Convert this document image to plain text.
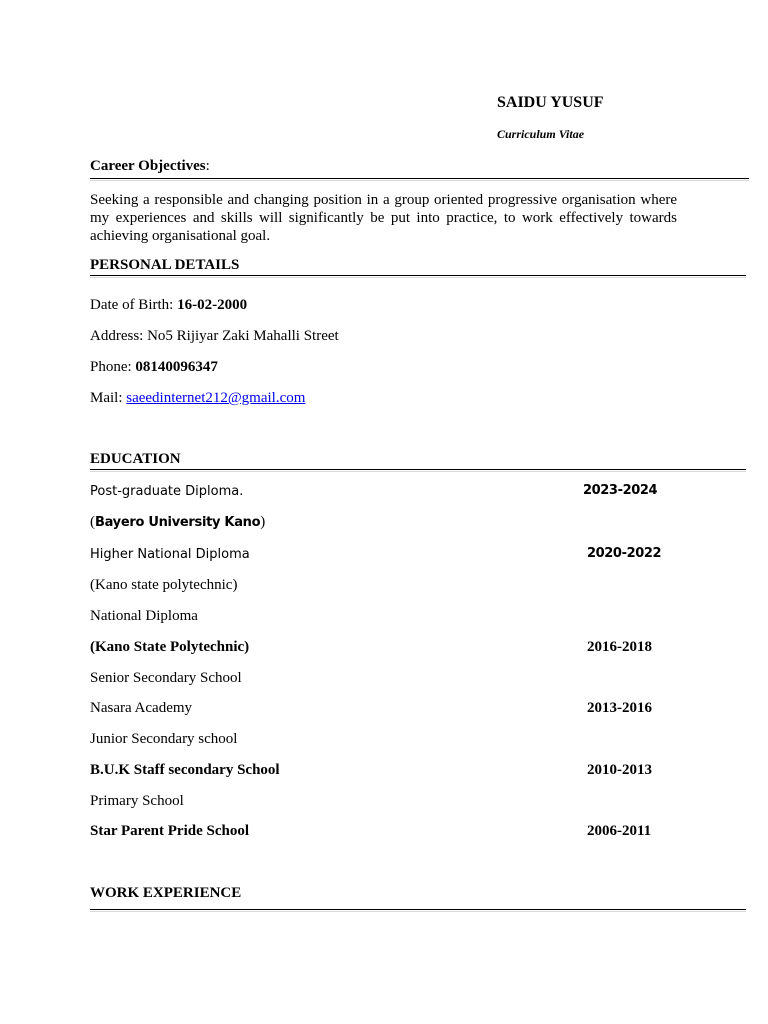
SAIDU YUSUF
Curriculum Vitae
Career Objectives:
Seeking a responsible and changing position in a group oriented progressive organisation where my experiences and skills will significantly be put into practice, to work effectively towards achieving organisational goal.
PERSONAL DETAILS
Date of Birth: 16-02-2000
Address: No5 Rijiyar Zaki Mahalli Street
Phone: 08140096347
Mail: saeedinternet212@gmail.com
EDUCATION
Post-graduate Diploma.	2023-2024
(Bayero University Kano)
Higher National Diploma	2020-2022
(Kano state polytechnic)
National Diploma
(Kano State Polytechnic)	2016-2018
Senior Secondary School
Nasara Academy	2013-2016
Junior Secondary school
B.U.K Staff secondary School	2010-2013
Primary School
Star Parent Pride School	2006-2011
WORK EXPERIENCE
